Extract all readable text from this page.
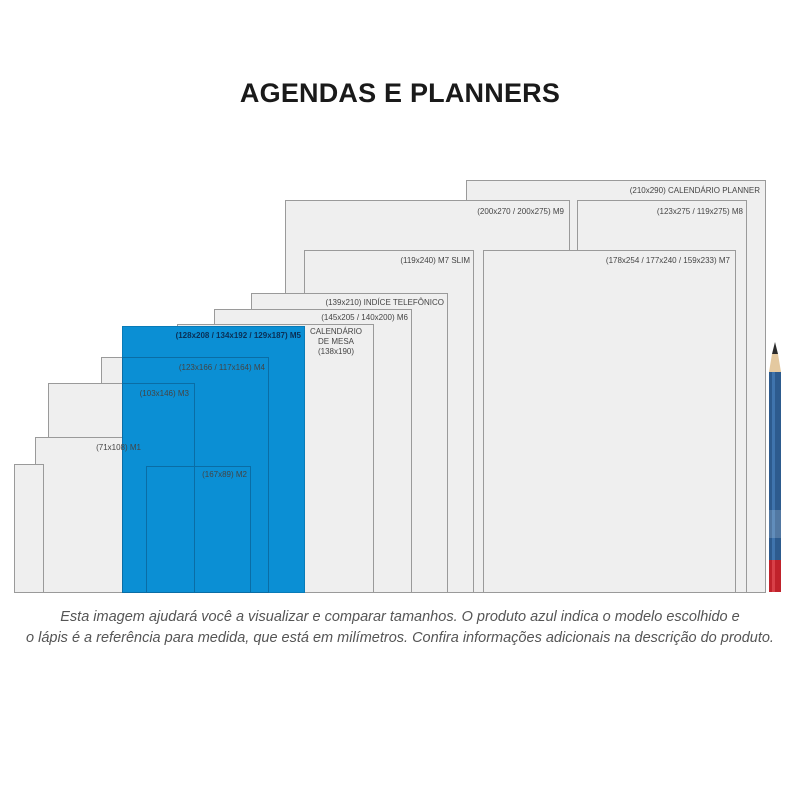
AGENDAS E PLANNERS
(210x290) CALENDÁRIO PLANNER
(200x270 / 200x275) M9	(123x275 / 119x275) M8
(119x240) M7 SLIM	(178x254 / 177x240 / 159x233) M7
(139x210) INDÍCE TELEFÔNICO
(145x205 / 140x200) M6
CALENDÁRIO
DE MESA
(138x190)
(128x208 / 134x192 / 129x187) M5
(123x166 / 117x164) M4
(103x146) M3
(71x108) M1
(167x89) M2
Esta imagem ajudará você a visualizar e comparar tamanhos. O produto azul indica o modelo escolhido e
o lápis é a referência para medida, que está em milímetros. Confira informações adicionais na descrição do produto.
